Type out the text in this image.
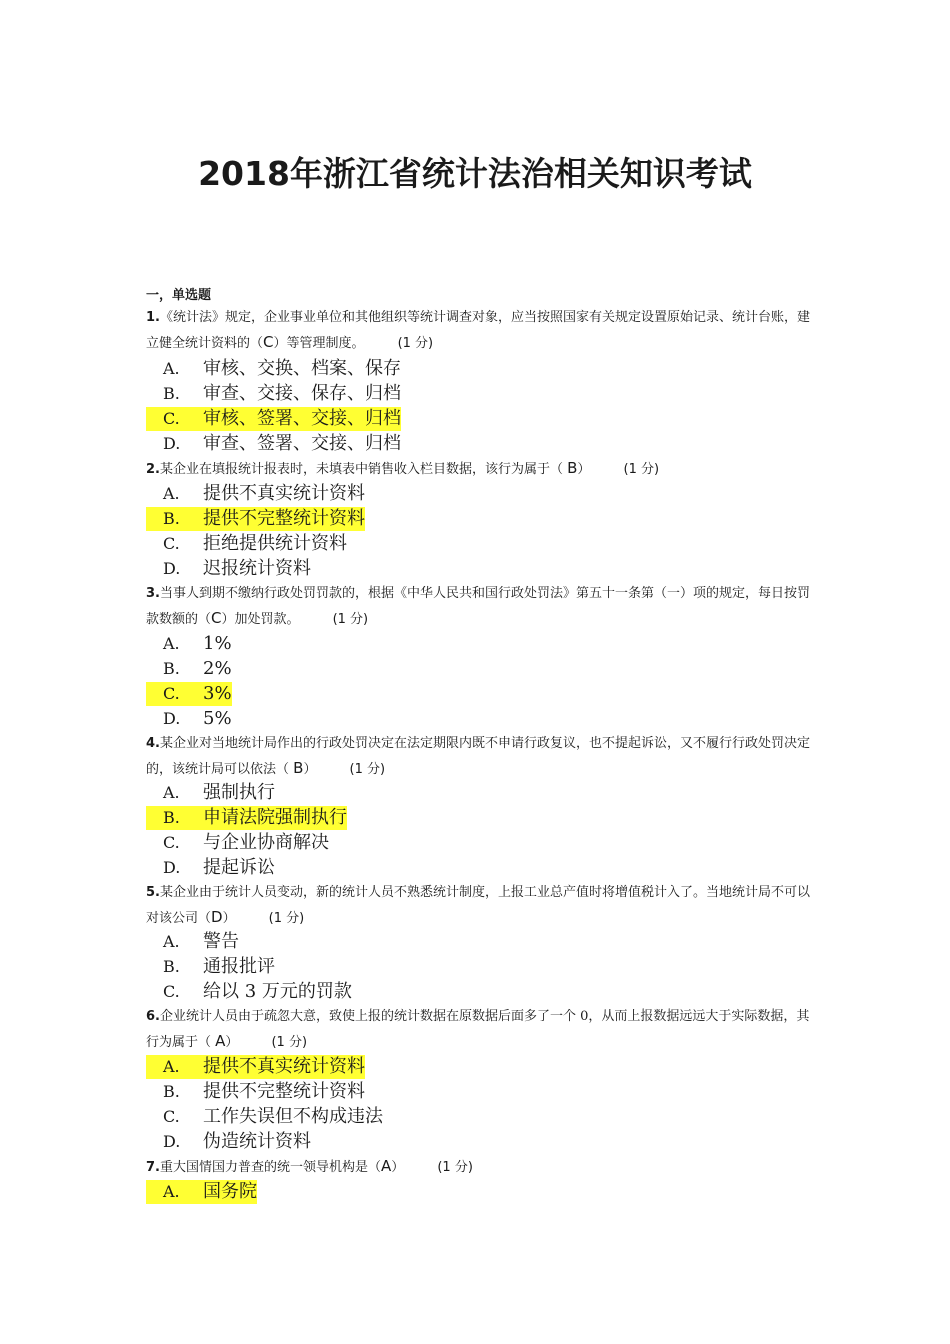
2018年浙江省统计法治相关知识考试
一，单选题
1.《统计法》规定，企业事业单位和其他组织等统计调查对象，应当按照国家有关规定设置原始记录、统计台账，建立健全统计资料的（C）等管理制度。	(1 分)
A. 审核、交换、档案、保存
B. 审查、交接、保存、归档
C. 审核、签署、交接、归档
D. 审查、签署、交接、归档
2.某企业在填报统计报表时，未填表中销售收入栏目数据，该行为属于（ B）	(1 分)
A. 提供不真实统计资料
B. 提供不完整统计资料
C. 拒绝提供统计资料
D. 迟报统计资料
3.当事人到期不缴纳行政处罚罚款的，根据《中华人民共和国行政处罚法》第五十一条第（一）项的规定，每日按罚款数额的（C）加处罚款。	(1 分)
A. 1%
B. 2%
C. 3%
D. 5%
4.某企业对当地统计局作出的行政处罚决定在法定期限内既不申请行政复议，也不提起诉讼，又不履行行政处罚决定的，该统计局可以依法（ B）	(1 分)
A. 强制执行
B. 申请法院强制执行
C. 与企业协商解决
D. 提起诉讼
5.某企业由于统计人员变动，新的统计人员不熟悉统计制度，上报工业总产值时将增值税计入了。当地统计局不可以对该公司（D）	(1 分)
A. 警告
B. 通报批评
C. 给以 3 万元的罚款
6.企业统计人员由于疏忽大意，致使上报的统计数据在原数据后面多了一个 0，从而上报数据远远大于实际数据，其行为属于（ A）	(1 分)
A. 提供不真实统计资料
B. 提供不完整统计资料
C. 工作失误但不构成违法
D. 伪造统计资料
7.重大国情国力普查的统一领导机构是（A）	(1 分)
A. 国务院
